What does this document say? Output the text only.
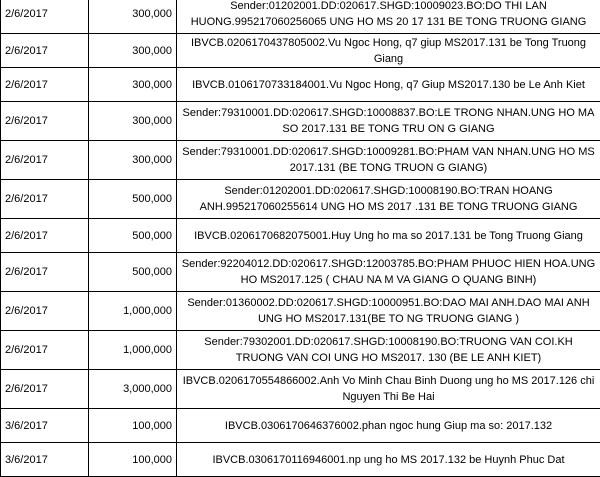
2/6/2017	300,000	Sender:01202001.DD:020617.SHGD:10009023.BO:DO THI LAN HUONG.995217060256065 UNG HO MS 20 17 131 BE TONG TRUONG GIANG
2/6/2017	300,000	IBVCB.0206170437805002.Vu Ngoc Hong, q7 giup MS2017.131 be Tong Truong Giang
2/6/2017	300,000	IBVCB.0106170733184001.Vu Ngoc Hong, q7 Giup MS2017.130 be Le Anh Kiet
2/6/2017	300,000	Sender:79310001.DD:020617.SHGD:10008837.BO:LE TRONG NHAN.UNG HO MA SO 2017.131 BE TONG TRU ON G GIANG
2/6/2017	300,000	Sender:79310001.DD:020617.SHGD:10009281.BO:PHAM VAN NHAN.UNG HO MS 2017.131 (BE TONG TRUON G GIANG)
2/6/2017	500,000	Sender:01202001.DD:020617.SHGD:10008190.BO:TRAN HOANG ANH.995217060255614 UNG HO MS 2017 .131 BE TONG TRUONG GIANG
2/6/2017	500,000	IBVCB.0206170682075001.Huy Ung ho ma so 2017.131 be Tong Truong Giang
2/6/2017	500,000	Sender:92204012.DD:020617.SHGD:12003785.BO:PHAM PHUOC HIEN HOA.UNG HO MS2017.125 ( CHAU NA M VA GIANG O QUANG BINH)
2/6/2017	1,000,000	Sender:01360002.DD:020617.SHGD:10000951.BO:DAO MAI ANH.DAO MAI ANH UNG HO MS2017.131(BE TO NG TRUONG GIANG )
2/6/2017	1,000,000	Sender:79302001.DD:020617.SHGD:10008190.BO:TRUONG VAN COI.KH TRUONG VAN COI UNG HO MS2017. 130 (BE LE ANH KIET)
2/6/2017	3,000,000	IBVCB.0206170554866002.Anh Vo Minh Chau Binh Duong ung ho MS 2017.126 chi Nguyen Thi Be Hai
3/6/2017	100,000	IBVCB.0306170646376002.phan ngoc hung Giup ma so: 2017.132
3/6/2017	100,000	IBVCB.0306170116946001.np ung ho MS 2017.132 be Huynh Phuc Dat
